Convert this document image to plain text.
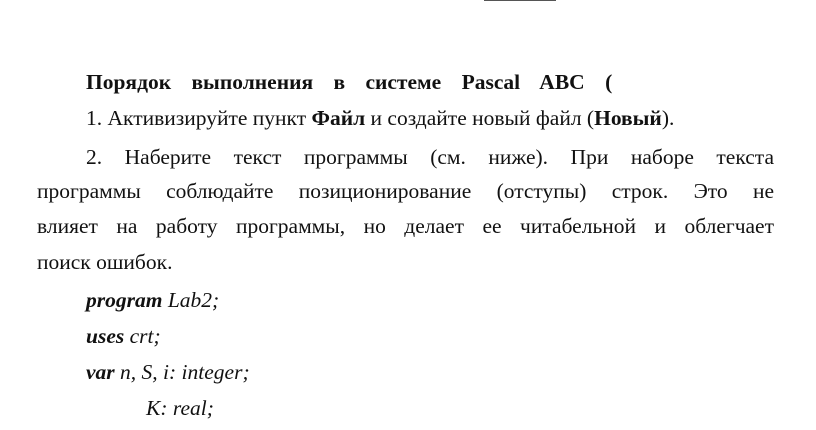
Порядок выполнения в системе Pascal ABC (
1. Активизируйте пункт Файл и создайте новый файл (Новый).
2. Наберите текст программы (см. ниже). При наборе текста
программы соблюдайте позиционирование (отступы) строк. Это не
влияет на работу программы, но делает ее читабельной и облегчает
поиск ошибок.
program Lab2;
uses crt;
var n, S, i: integer;
K: real;
